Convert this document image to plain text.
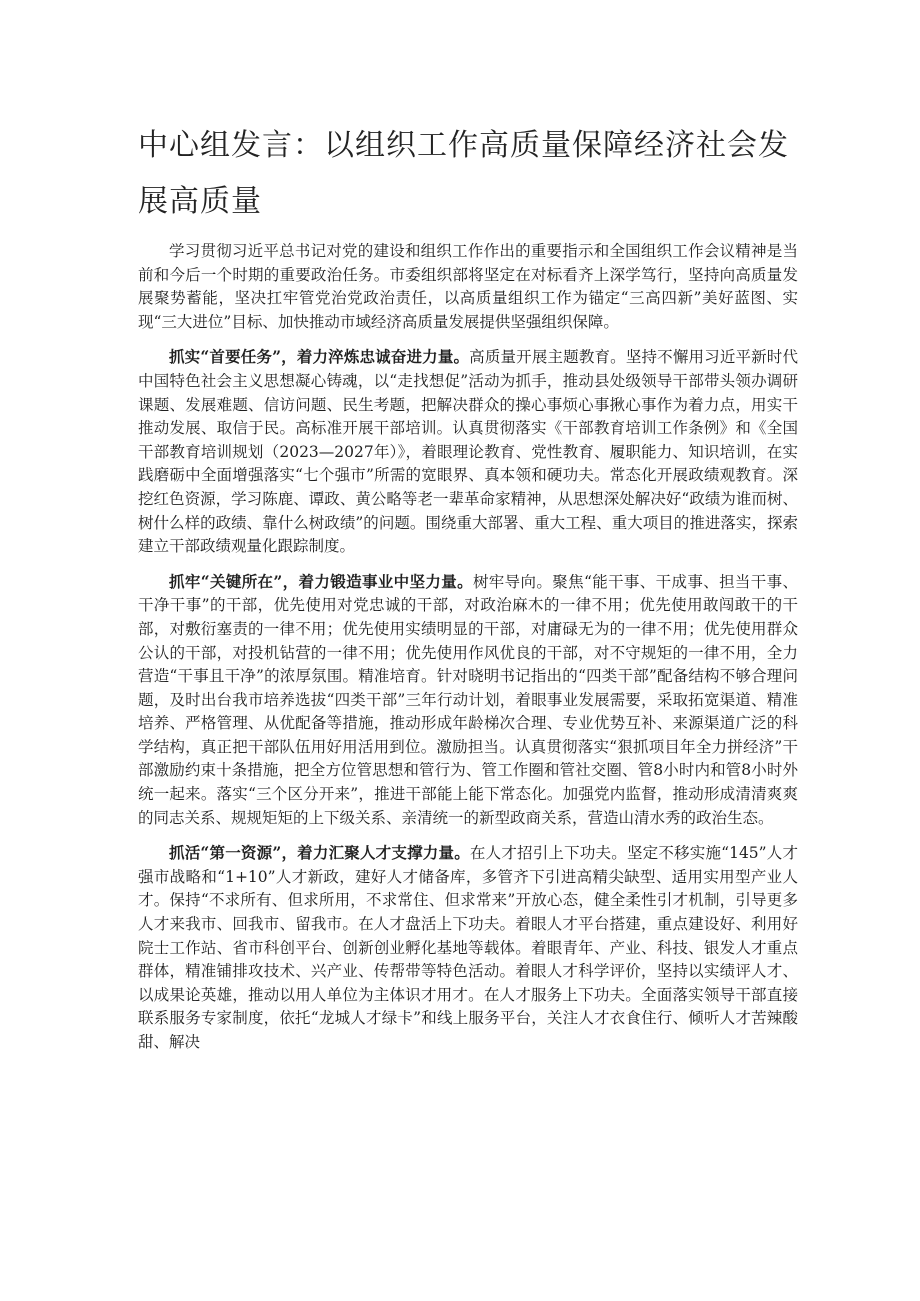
中心组发言：以组织工作高质量保障经济社会发展高质量

学习贯彻习近平总书记对党的建设和组织工作作出的重要指示和全国组织工作会议精神是当前和今后一个时期的重要政治任务。市委组织部将坚定在对标看齐上深学笃行，坚持向高质量发展聚势蓄能，坚决扛牢管党治党政治责任，以高质量组织工作为锚定“三高四新”美好蓝图、实现“三大进位”目标、加快推动市域经济高质量发展提供坚强组织保障。

抓实“首要任务”，着力淬炼忠诚奋进力量。高质量开展主题教育。坚持不懈用习近平新时代中国特色社会主义思想凝心铸魂，以“走找想促”活动为抓手，推动县处级领导干部带头领办调研课题、发展难题、信访问题、民生考题，把解决群众的操心事烦心事揪心事作为着力点，用实干推动发展、取信于民。高标准开展干部培训。认真贯彻落实《干部教育培训工作条例》和《全国干部教育培训规划（2023—2027年）》，着眼理论教育、党性教育、履职能力、知识培训，在实践磨砺中全面增强落实“七个强市”所需的宽眼界、真本领和硬功夫。常态化开展政绩观教育。深挖红色资源，学习陈鹿、谭政、黄公略等老一辈革命家精神，从思想深处解决好“政绩为谁而树、树什么样的政绩、靠什么树政绩”的问题。围绕重大部署、重大工程、重大项目的推进落实，探索建立干部政绩观量化跟踪制度。

抓牢“关键所在”，着力锻造事业中坚力量。树牢导向。聚焦“能干事、干成事、担当干事、干净干事”的干部，优先使用对党忠诚的干部，对政治麻木的一律不用；优先使用敢闯敢干的干部，对敷衍塞责的一律不用；优先使用实绩明显的干部，对庸碌无为的一律不用；优先使用群众公认的干部，对投机钻营的一律不用；优先使用作风优良的干部，对不守规矩的一律不用，全力营造“干事且干净”的浓厚氛围。精准培育。针对晓明书记指出的“四类干部”配备结构不够合理问题，及时出台我市培养选拔“四类干部”三年行动计划，着眼事业发展需要，采取拓宽渠道、精准培养、严格管理、从优配备等措施，推动形成年龄梯次合理、专业优势互补、来源渠道广泛的科学结构，真正把干部队伍用好用活用到位。激励担当。认真贯彻落实“狠抓项目年全力拼经济”干部激励约束十条措施，把全方位管思想和管行为、管工作圈和管社交圈、管8小时内和管8小时外统一起来。落实“三个区分开来”，推进干部能上能下常态化。加强党内监督，推动形成清清爽爽的同志关系、规规矩矩的上下级关系、亲清统一的新型政商关系，营造山清水秀的政治生态。

抓活“第一资源”，着力汇聚人才支撑力量。在人才招引上下功夫。坚定不移实施“145”人才强市战略和“1+10”人才新政，建好人才储备库，多管齐下引进高精尖缺型、适用实用型产业人才。保持“不求所有、但求所用，不求常住、但求常来”开放心态，健全柔性引才机制，引导更多人才来我市、回我市、留我市。在人才盘活上下功夫。着眼人才平台搭建，重点建设好、利用好院士工作站、省市科创平台、创新创业孵化基地等载体。着眼青年、产业、科技、银发人才重点群体，精准铺排攻技术、兴产业、传帮带等特色活动。着眼人才科学评价，坚持以实绩评人才、以成果论英雄，推动以用人单位为主体识才用才。在人才服务上下功夫。全面落实领导干部直接联系服务专家制度，依托“龙城人才绿卡”和线上服务平台，关注人才衣食住行、倾听人才苦辣酸甜、解决
